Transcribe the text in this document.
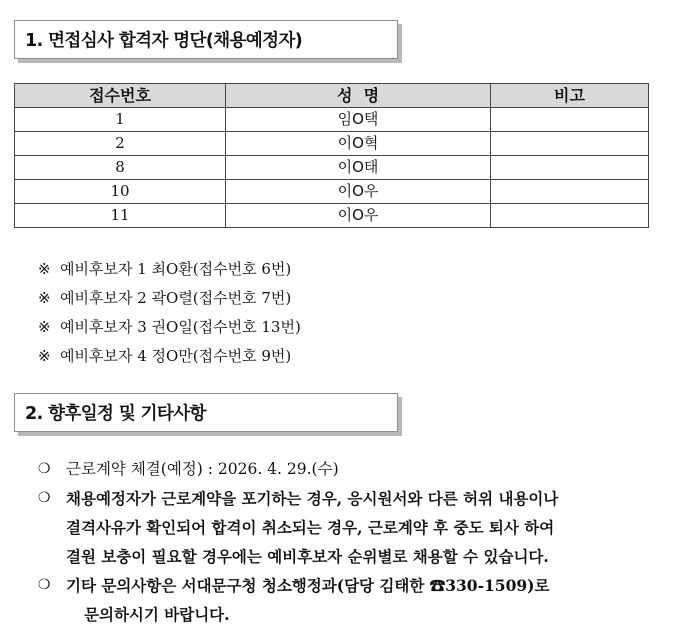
1. 면접심사 합격자 명단(채용예정자)
접수번호	성  명	비고
1	임O택	
2	이O혁	
8	이O태	
10	이O우	
11	이O우	
※ 예비후보자 1 최O환(접수번호 6번)
※ 예비후보자 2 곽O렬(접수번호 7번)
※ 예비후보자 3 권O일(접수번호 13번)
※ 예비후보자 4 정O만(접수번호 9번)
2. 향후일정 및 기타사항
❍ 근로계약 체결(예정) : 2026. 4. 29.(수)
❍ 채용예정자가 근로계약을 포기하는 경우, 응시원서와 다른 허위 내용이나
결격사유가 확인되어 합격이 취소되는 경우, 근로계약 후 중도 퇴사 하여
결원 보충이 필요할 경우에는 예비후보자 순위별로 채용할 수 있습니다.
❍ 기타 문의사항은 서대문구청 청소행정과(담당 김태한 ☎330-1509)로
문의하시기 바랍니다.
